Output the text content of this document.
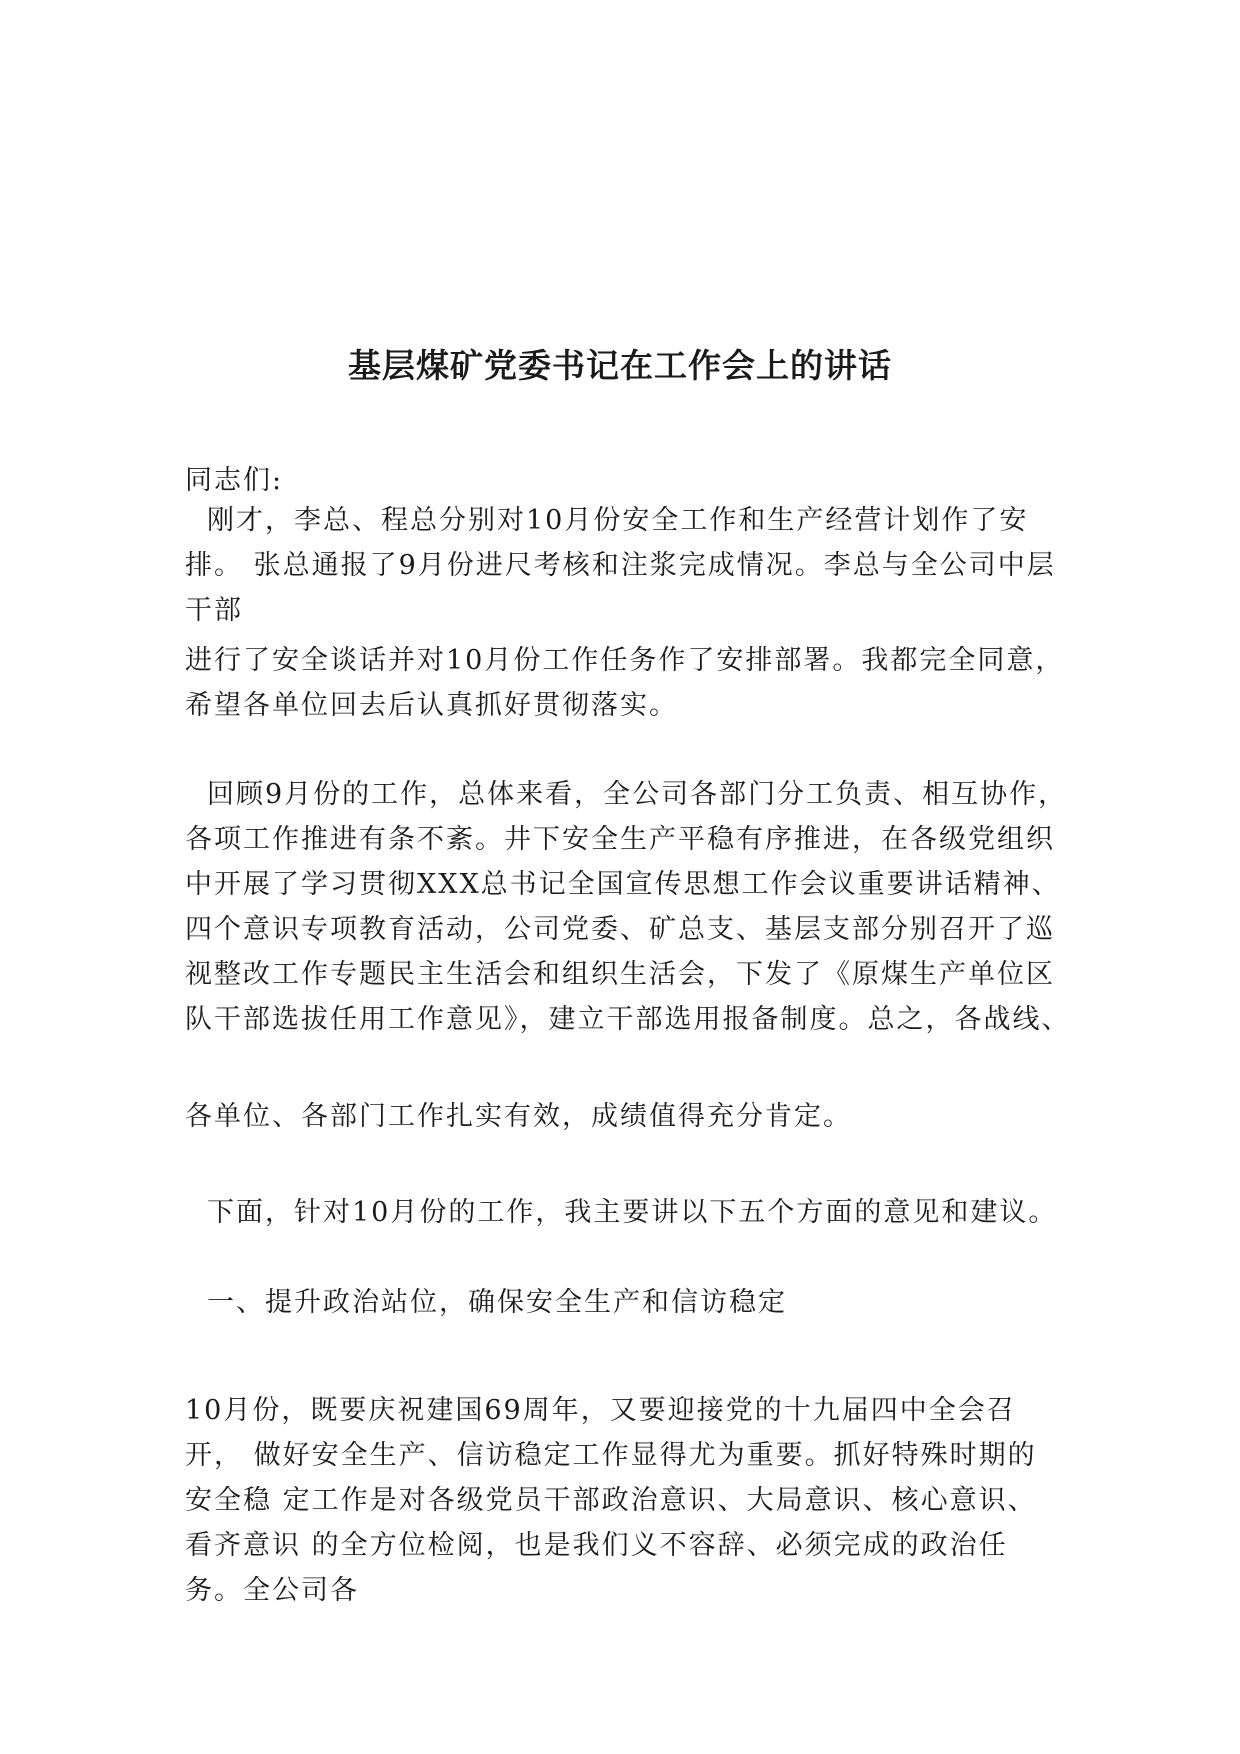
基层煤矿党委书记在工作会上的讲话
同志们:
刚才，李总、程总分别对10月份安全工作和生产经营计划作了安
排。 张总通报了9月份进尺考核和注浆完成情况。李总与全公司中层
干部
进行了安全谈话并对10月份工作任务作了安排部署。我都完全同意，
希望各单位回去后认真抓好贯彻落实。
回顾9月份的工作，总体来看，全公司各部门分工负责、相互协作，
各项工作推进有条不紊。井下安全生产平稳有序推进，在各级党组织
中开展了学习贯彻XXX总书记全国宣传思想工作会议重要讲话精神、
四个意识专项教育活动，公司党委、矿总支、基层支部分别召开了巡
视整改工作专题民主生活会和组织生活会，下发了《原煤生产单位区
队干部选拔任用工作意见》，建立干部选用报备制度。总之，各战线、
各单位、各部门工作扎实有效，成绩值得充分肯定。
下面，针对10月份的工作，我主要讲以下五个方面的意见和建议。
一、提升政治站位，确保安全生产和信访稳定
10月份，既要庆祝建国69周年，又要迎接党的十九届四中全会召
开， 做好安全生产、信访稳定工作显得尤为重要。抓好特殊时期的
安全稳 定工作是对各级党员干部政治意识、大局意识、核心意识、
看齐意识 的全方位检阅，也是我们义不容辞、必须完成的政治任
务。全公司各
